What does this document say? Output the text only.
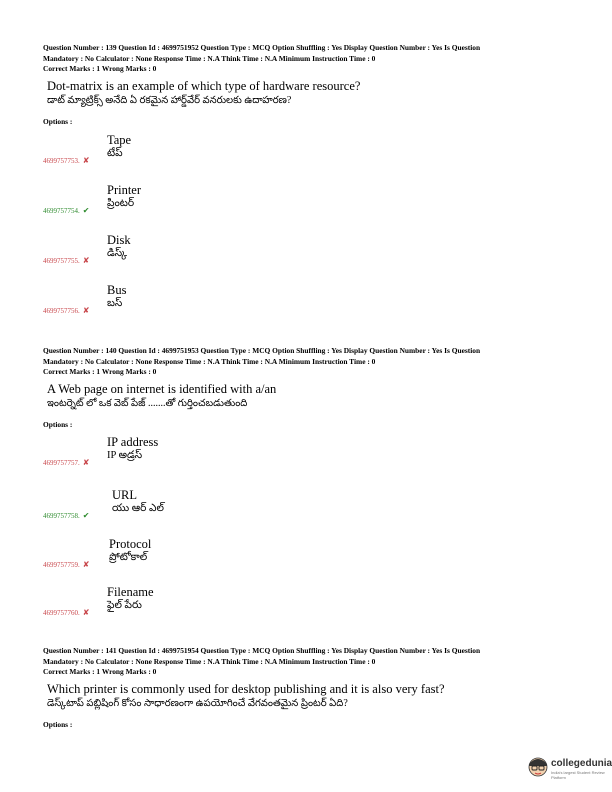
Question Number : 139 Question Id : 4699751952 Question Type : MCQ Option Shuffling : Yes Display Question Number : Yes Is Question
Mandatory : No Calculator : None Response Time : N.A Think Time : N.A Minimum Instruction Time : 0
Correct Marks : 1 Wrong Marks : 0
Dot-matrix is an example of which type of hardware resource?
డాట్ మ్యాట్రిక్స్ అనేది ఏ రకమైన హార్డ్‌వేర్ వనరులకు ఉదాహరణ?
Options :
Tape
టేప్
4699757753. ✘
Printer
ప్రింటర్
4699757754. ✔
Disk
డిస్క్
4699757755. ✘
Bus
బస్
4699757756. ✘
Question Number : 140 Question Id : 4699751953 Question Type : MCQ Option Shuffling : Yes Display Question Number : Yes Is Question
Mandatory : No Calculator : None Response Time : N.A Think Time : N.A Minimum Instruction Time : 0
Correct Marks : 1 Wrong Marks : 0
A Web page on internet is identified with a/an
ఇంటర్నెట్ లో ఒక వెబ్ పేజ్ .......తో గుర్తించబడుతుంది
Options :
IP address
IP అడ్రస్
4699757757. ✘
URL
యు ఆర్ ఎల్
4699757758. ✔
Protocol
ప్రోటోకాల్
4699757759. ✘
Filename
ఫైల్ పేరు
4699757760. ✘
Question Number : 141 Question Id : 4699751954 Question Type : MCQ Option Shuffling : Yes Display Question Number : Yes Is Question
Mandatory : No Calculator : None Response Time : N.A Think Time : N.A Minimum Instruction Time : 0
Correct Marks : 1 Wrong Marks : 0
Which printer is commonly used for desktop publishing and it is also very fast?
డెస్క్‌టాప్ పబ్లిషింగ్ కోసం సాధారణంగా ఉపయోగించే వేగవంతమైన ప్రింటర్ ఏది?
Options :
collegedunia
India's largest Student Review Platform
